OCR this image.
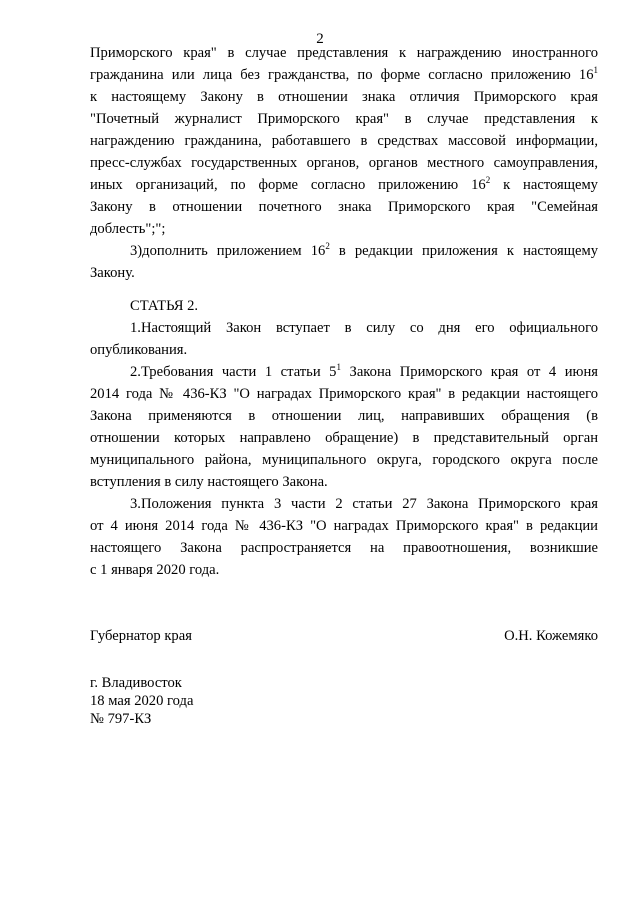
2
Приморского края" в случае представления к награждению иностранного
гражданина или лица без гражданства, по форме согласно приложению $16^1$
к настоящему Закону в отношении знака отличия Приморского края
"Почетный журналист Приморского края" в случае представления к
награждению гражданина, работавшего в средствах массовой информации,
пресс-службах государственных органов, органов местного самоуправления,
иных организаций, по форме согласно приложению $16^2$ к настоящему
Закону в отношении почетного знака Приморского края "Семейная
доблесть";";
3)дополнить приложением $16^2$ в редакции приложения к настоящему
Закону.
СТАТЬЯ 2.
1.Настоящий Закон вступает в силу со дня его официального
опубликования.
2.Требования части 1 статьи $5^1$ Закона Приморского края от 4 июня
2014 года № 436-КЗ "О наградах Приморского края" в редакции настоящего
Закона применяются в отношении лиц, направивших обращения (в
отношении которых направлено обращение) в представительный орган
муниципального района, муниципального округа, городского округа после
вступления в силу настоящего Закона.
3.Положения пункта 3 части 2 статьи 27 Закона Приморского края
от 4 июня 2014 года № 436-КЗ "О наградах Приморского края" в редакции
настоящего Закона распространяется на правоотношения, возникшие
с 1 января 2020 года.
Губернатор края	О.Н. Кожемяко
г. Владивосток
18 мая 2020 года
№ 797-КЗ
